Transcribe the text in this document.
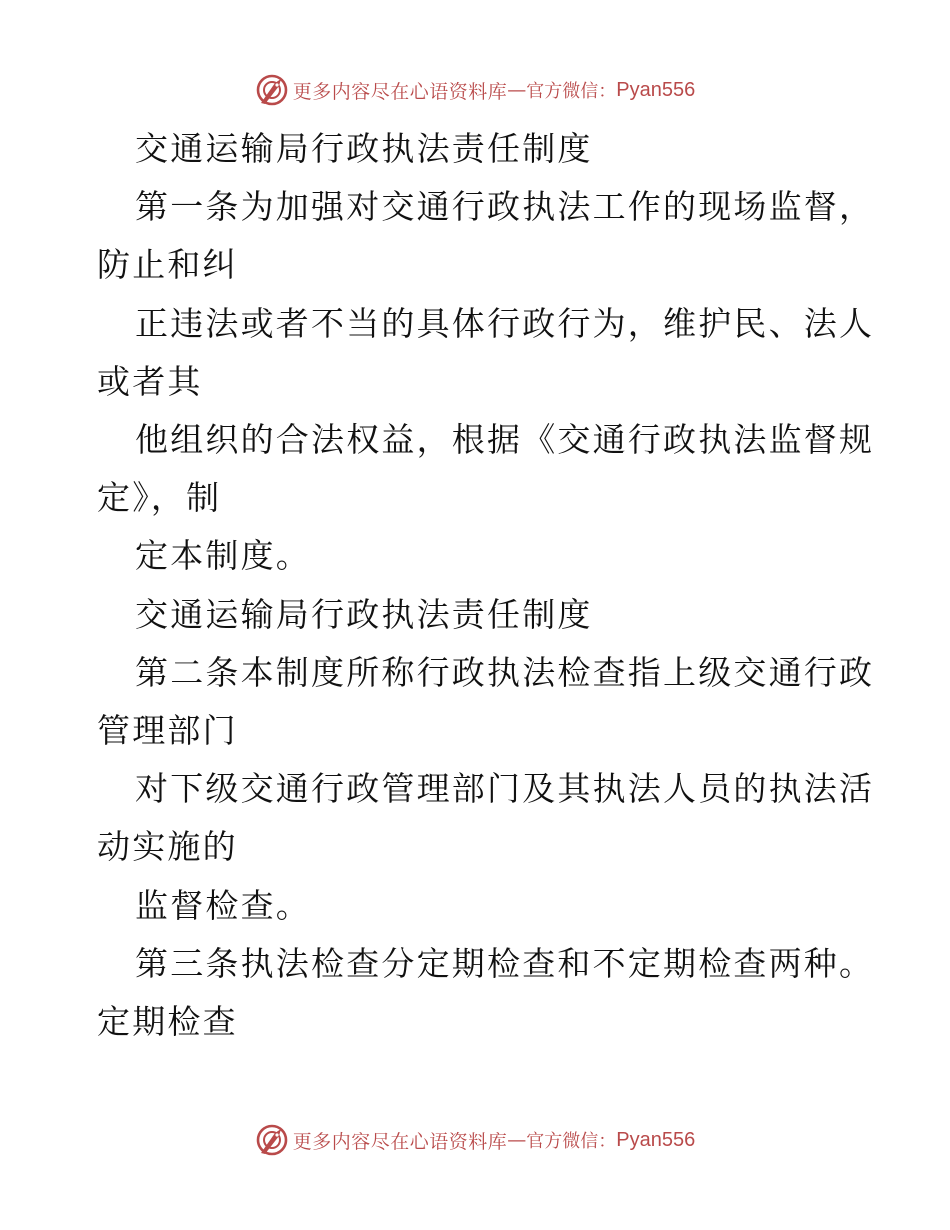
更多内容尽在心语资料库 — 官方微信： Pyan556
交通运输局行政执法责任制度
第一条为加强对交通行政执法工作的现场监督，
防止和纠
正违法或者不当的具体行政行为，维护民、法人
或者其
他组织的合法权益，根据《交通行政执法监督规
定》，制
定本制度。
交通运输局行政执法责任制度
第二条本制度所称行政执法检查指上级交通行政
管理部门
对下级交通行政管理部门及其执法人员的执法活
动实施的
监督检查。
第三条执法检查分定期检查和不定期检查两种。
定期检查
更多内容尽在心语资料库 — 官方微信： Pyan556
